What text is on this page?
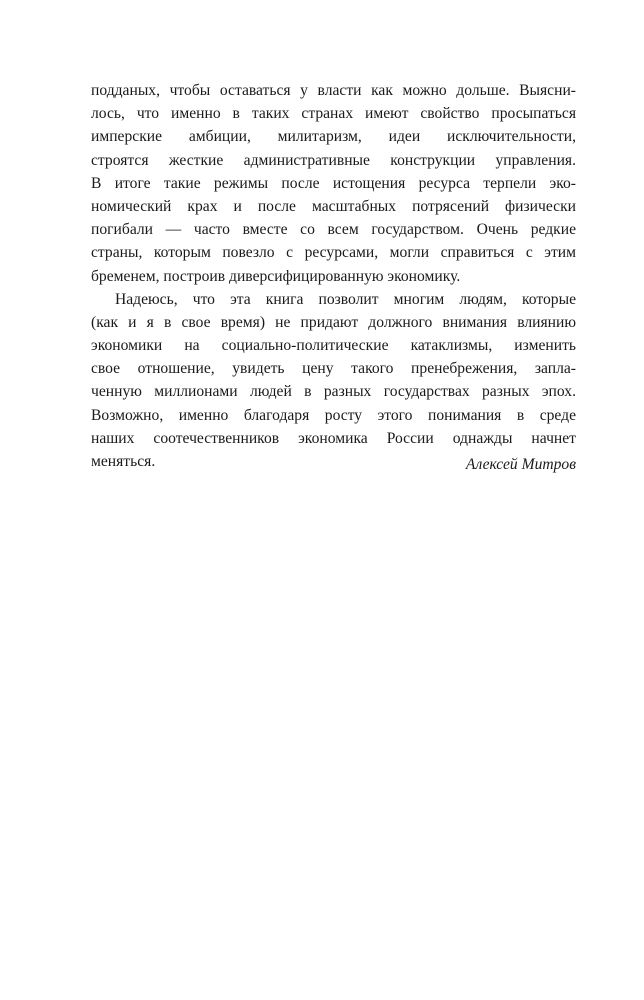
подданых, чтобы оставаться у власти как можно дольше. Выясни-
лось, что именно в таких странах имеют свойство просыпаться
имперские амбиции, милитаризм, идеи исключительности,
строятся жесткие административные конструкции управления.
В итоге такие режимы после истощения ресурса терпели эко-
номический крах и после масштабных потрясений физически
погибали — часто вместе со всем государством. Очень редкие
страны, которым повезло с ресурсами, могли справиться с этим
бременем, построив диверсифицированную экономику.
Надеюсь, что эта книга позволит многим людям, которые
(как и я в свое время) не придают должного внимания влиянию
экономики на социально-политические катаклизмы, изменить
свое отношение, увидеть цену такого пренебрежения, запла-
ченную миллионами людей в разных государствах разных эпох.
Возможно, именно благодаря росту этого понимания в среде
наших соотечественников экономика России однажды начнет
меняться.	Алексей Митров
